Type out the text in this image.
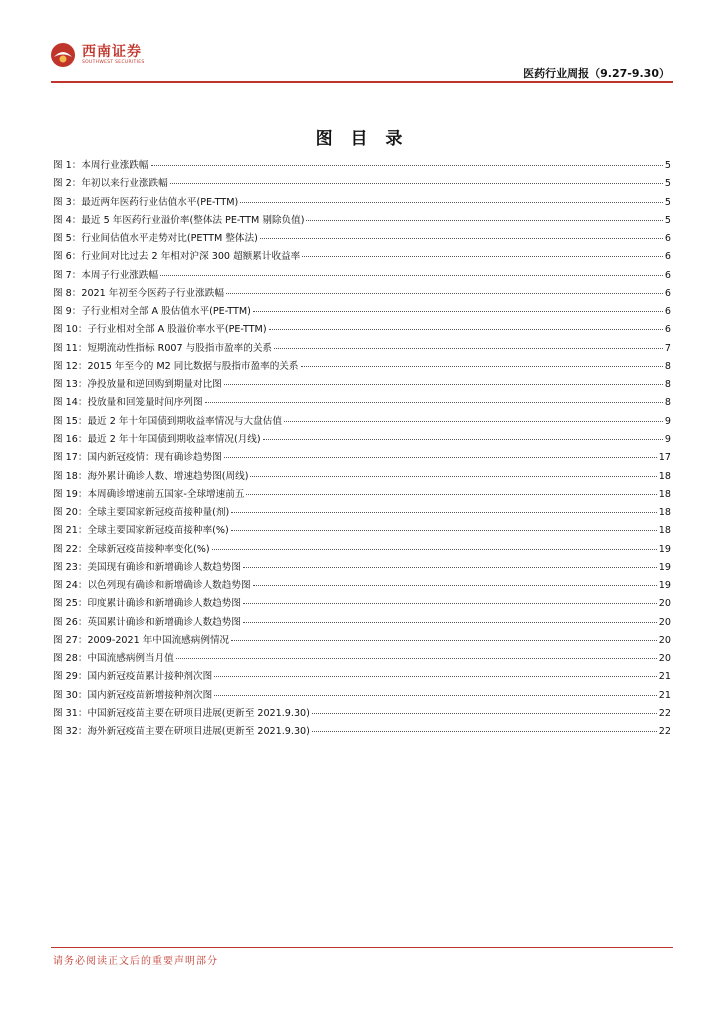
西南证券
SOUTHWEST SECURITIES
医药行业周报（9.27-9.30）
图 目 录
图 1： 本周行业涨跌幅	5
图 2： 年初以来行业涨跌幅	5
图 3： 最近两年医药行业估值水平(PE-TTM)	5
图 4： 最近 5 年医药行业溢价率(整体法 PE-TTM 剔除负值)	5
图 5： 行业间估值水平走势对比(PETTM 整体法)	6
图 6： 行业间对比过去 2 年相对沪深 300 超额累计收益率	6
图 7： 本周子行业涨跌幅	6
图 8： 2021 年初至今医药子行业涨跌幅	6
图 9： 子行业相对全部 A 股估值水平(PE-TTM)	6
图 10： 子行业相对全部 A 股溢价率水平(PE-TTM)	6
图 11： 短期流动性指标 R007 与股指市盈率的关系	7
图 12： 2015 年至今的 M2 同比数据与股指市盈率的关系	8
图 13： 净投放量和逆回购到期量对比图	8
图 14： 投放量和回笼量时间序列图	8
图 15： 最近 2 年十年国债到期收益率情况与大盘估值	9
图 16： 最近 2 年十年国债到期收益率情况(月线)	9
图 17： 国内新冠疫情：现有确诊趋势图	17
图 18： 海外累计确诊人数、增速趋势图(周线)	18
图 19： 本周确诊增速前五国家-全球增速前五	18
图 20： 全球主要国家新冠疫苗接种量(剂)	18
图 21： 全球主要国家新冠疫苗接种率(%)	18
图 22： 全球新冠疫苗接种率变化(%)	19
图 23： 美国现有确诊和新增确诊人数趋势图	19
图 24： 以色列现有确诊和新增确诊人数趋势图	19
图 25： 印度累计确诊和新增确诊人数趋势图	20
图 26： 英国累计确诊和新增确诊人数趋势图	20
图 27： 2009-2021 年中国流感病例情况	20
图 28： 中国流感病例当月值	20
图 29： 国内新冠疫苗累计接种剂次图	21
图 30： 国内新冠疫苗新增接种剂次图	21
图 31： 中国新冠疫苗主要在研项目进展(更新至 2021.9.30)	22
图 32： 海外新冠疫苗主要在研项目进展(更新至 2021.9.30)	22
请务必阅读正文后的重要声明部分
